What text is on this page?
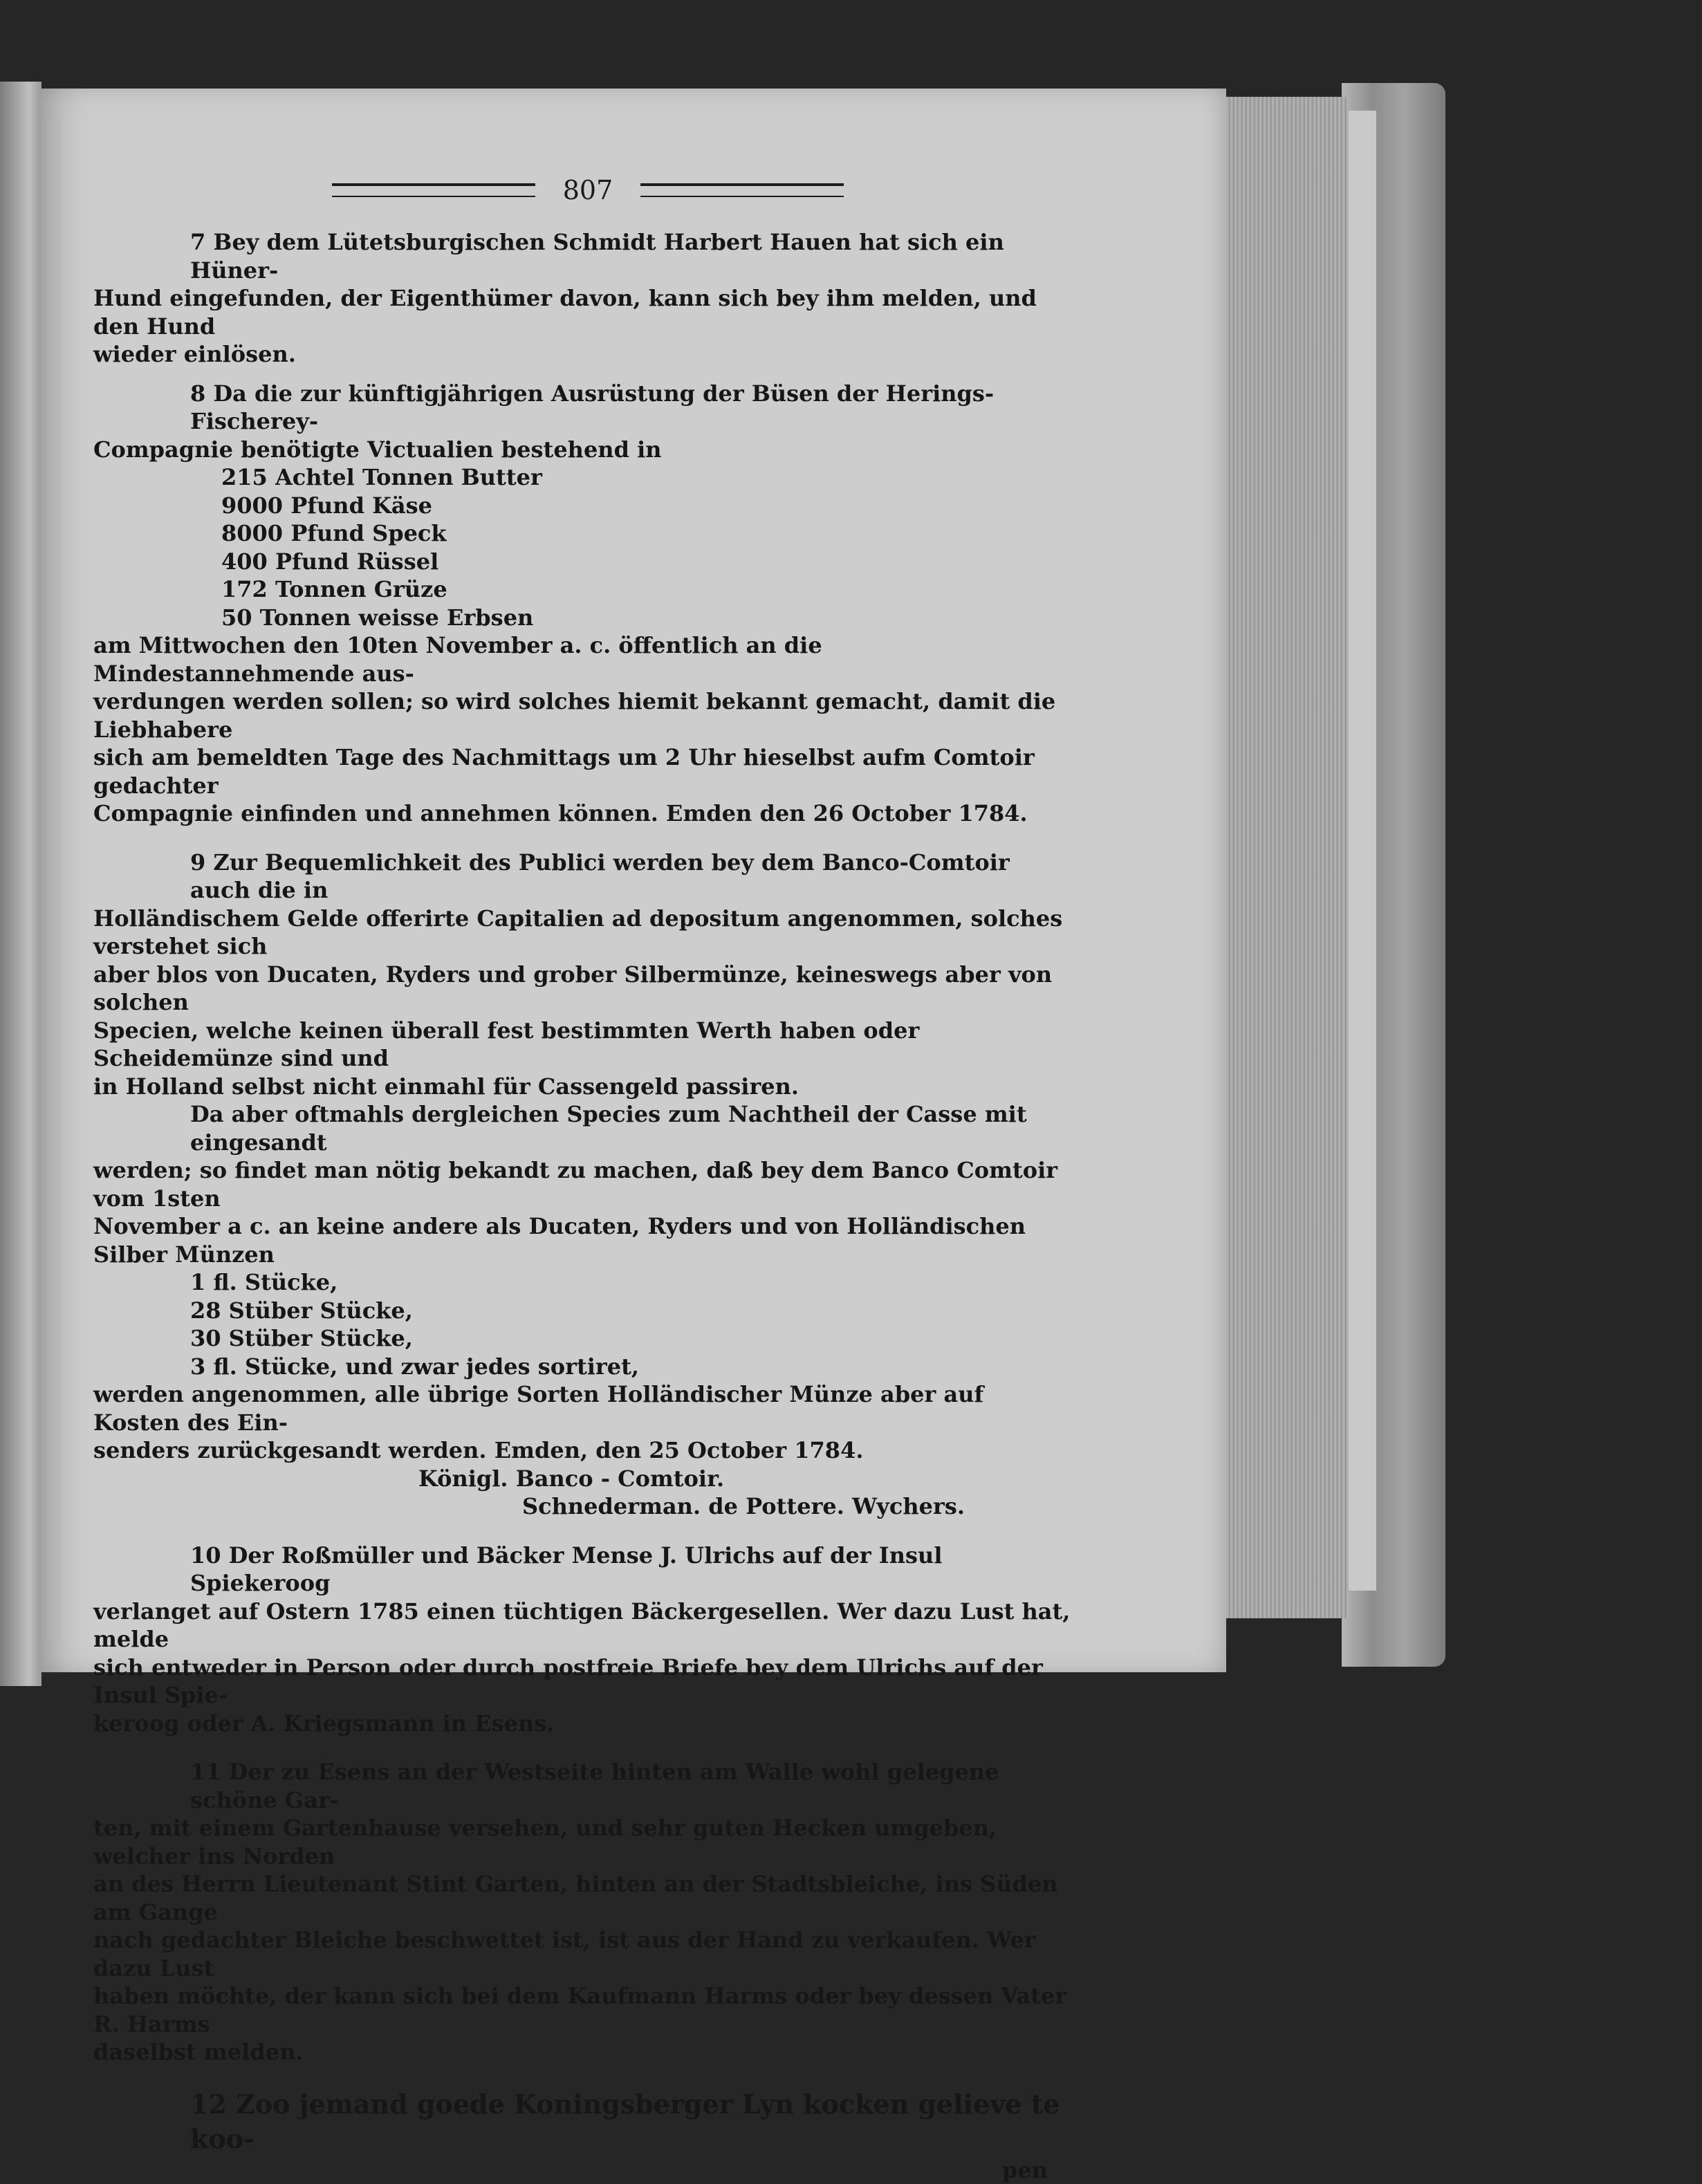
807

7 Bey dem Lütetsburgischen Schmidt Harbert Hauen hat sich ein Hüner-

Hund eingefunden, der Eigenthümer davon, kann sich bey ihm melden, und den Hund

wieder einlösen.

8 Da die zur künftigjährigen Ausrüstung der Büsen der Herings-Fischerey-

Compagnie benötigte Victualien bestehend in

215 Achtel Tonnen Butter

9000 Pfund Käse

8000 Pfund Speck

400 Pfund Rüssel

172 Tonnen Grüze

50 Tonnen weisse Erbsen

am Mittwochen den 10ten November a. c. öffentlich an die Mindestannehmende aus-

verdungen werden sollen; so wird solches hiemit bekannt gemacht, damit die Liebhabere

sich am bemeldten Tage des Nachmittags um 2 Uhr hieselbst aufm Comtoir gedachter

Compagnie einfinden und annehmen können. Emden den 26 October 1784.

9 Zur Bequemlichkeit des Publici werden bey dem Banco-Comtoir auch die in

Holländischem Gelde offerirte Capitalien ad depositum angenommen, solches verstehet sich

aber blos von Ducaten, Ryders und grober Silbermünze, keineswegs aber von solchen

Specien, welche keinen überall fest bestimmten Werth haben oder Scheidemünze sind und

in Holland selbst nicht einmahl für Cassengeld passiren.

Da aber oftmahls dergleichen Species zum Nachtheil der Casse mit eingesandt

werden; so findet man nötig bekandt zu machen, daß bey dem Banco Comtoir vom 1sten

November a c. an keine andere als Ducaten, Ryders und von Holländischen Silber Münzen

1 fl. Stücke,

28 Stüber Stücke,

30 Stüber Stücke,

3 fl. Stücke, und zwar jedes sortiret,

werden angenommen, alle übrige Sorten Holländischer Münze aber auf Kosten des Ein-

senders zurückgesandt werden. Emden, den 25 October 1784.

Königl. Banco - Comtoir.

Schnederman. de Pottere. Wychers.

10 Der Roßmüller und Bäcker Mense J. Ulrichs auf der Insul Spiekeroog

verlanget auf Ostern 1785 einen tüchtigen Bäckergesellen. Wer dazu Lust hat, melde

sich entweder in Person oder durch postfreie Briefe bey dem Ulrichs auf der Insul Spie-

keroog oder A. Kriegsmann in Esens.

11 Der zu Esens an der Westseite hinten am Walle wohl gelegene schöne Gar-

ten, mit einem Gartenhause versehen, und sehr guten Hecken umgeben, welcher ins Norden

an des Herrn Lieutenant Stint Garten, hinten an der Stadtsbleiche, ins Süden am Gange

nach gedachter Bleiche beschwettet ist, ist aus der Hand zu verkaufen. Wer dazu Lust

haben möchte, der kann sich bei dem Kaufmann Harms oder bey dessen Vater R. Harms

daselbst melden.

12 Zoo jemand goede Koningsberger Lyn kocken gelieve te koo-

pen
